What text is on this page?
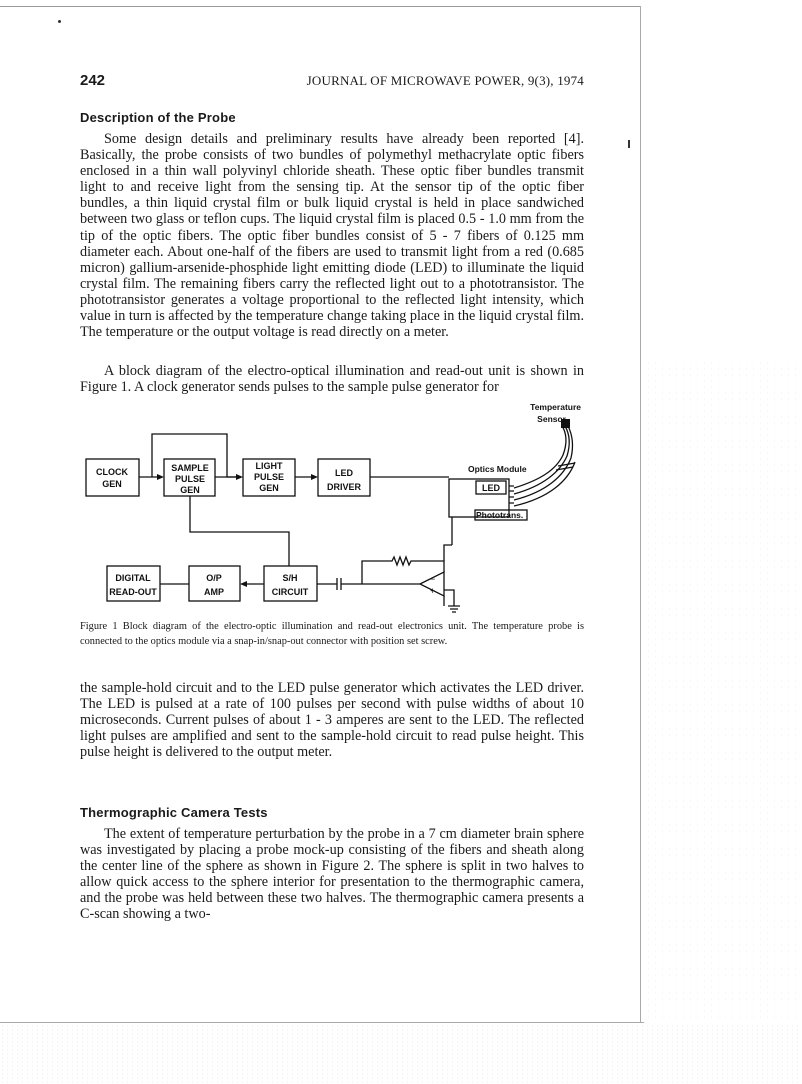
242	JOURNAL OF MICROWAVE POWER, 9(3), 1974
Description of the Probe

Some design details and preliminary results have already been reported [4]. Basically, the probe consists of two bundles of polymethyl methacrylate optic fibers enclosed in a thin wall polyvinyl chloride sheath. These optic fiber bundles transmit light to and receive light from the sensing tip. At the sensor tip of the optic fiber bundles, a thin liquid crystal film or bulk liquid crystal is held in place sandwiched between two glass or teflon cups. The liquid crystal film is placed 0.5 - 1.0 mm from the tip of the optic fibers. The optic fiber bundles consist of 5 - 7 fibers of 0.125 mm diameter each. About one-half of the fibers are used to transmit light from a red (0.685 micron) gallium-arsenide-phosphide light emitting diode (LED) to illuminate the liquid crystal film. The remaining fibers carry the reflected light out to a phototransistor. The phototransistor generates a voltage proportional to the reflected light intensity, which value in turn is affected by the temperature change taking place in the liquid crystal film. The temperature or the output voltage is read directly on a meter.

A block diagram of the electro-optical illumination and read-out unit is shown in Figure 1. A clock generator sends pulses to the sample pulse generator for

Temperature
Sensor
Optics Module
LED
Phototrans.
CLOCK
GEN
SAMPLE
PULSE
GEN
LIGHT
PULSE
GEN
LED
DRIVER
DIGITAL
READ-OUT
O/P
AMP
S/H
CIRCUIT
−
+

Figure 1 Block diagram of the electro-optic illumination and read-out electronics unit. The temperature probe is connected to the optics module via a snap-in/snap-out connector with position set screw.

the sample-hold circuit and to the LED pulse generator which activates the LED driver. The LED is pulsed at a rate of 100 pulses per second with pulse widths of about 10 microseconds. Current pulses of about 1 - 3 amperes are sent to the LED. The reflected light pulses are amplified and sent to the sample-hold circuit to read pulse height. This pulse height is delivered to the output meter.

Thermographic Camera Tests

The extent of temperature perturbation by the probe in a 7 cm diameter brain sphere was investigated by placing a probe mock-up consisting of the fibers and sheath along the center line of the sphere as shown in Figure 2. The sphere is split in two halves to allow quick access to the sphere interior for presentation to the thermographic camera, and the probe was held between these two halves. The thermographic camera presents a C-scan showing a two-
